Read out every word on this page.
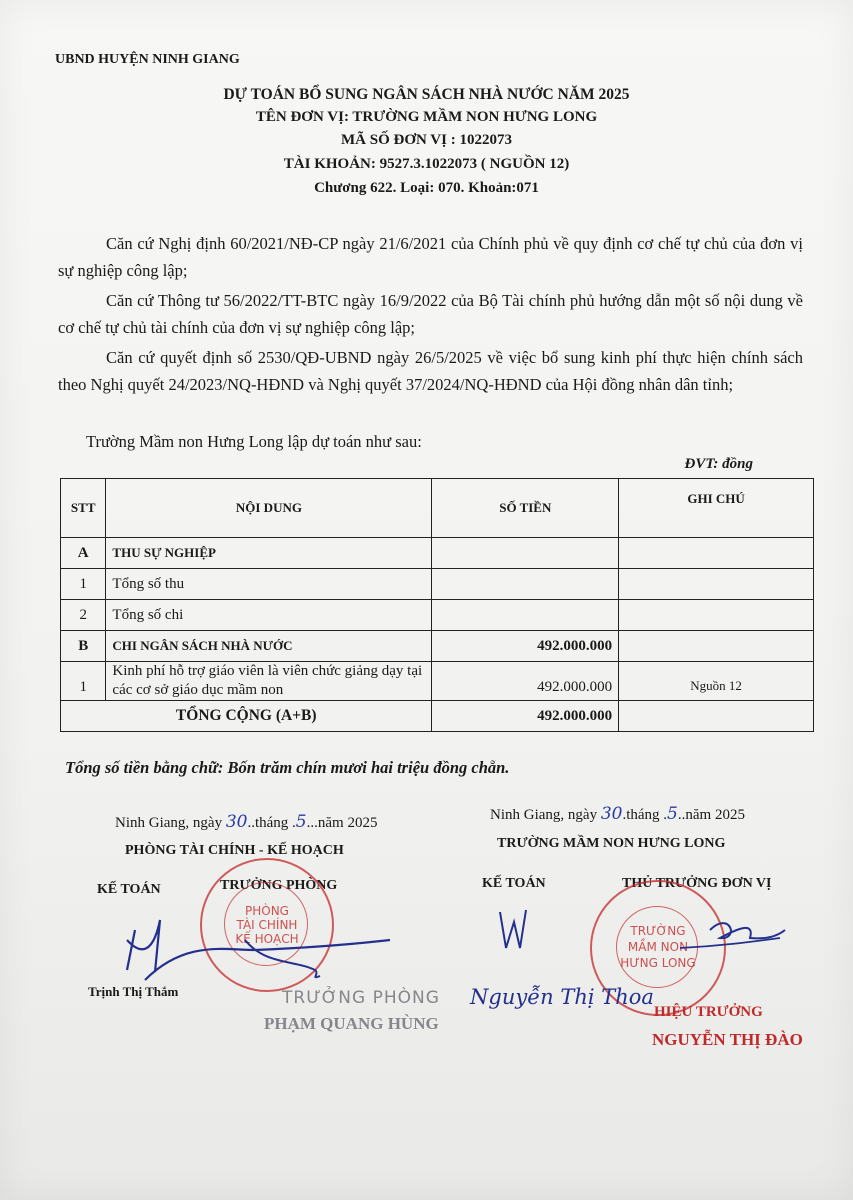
UBND HUYỆN NINH GIANG
DỰ TOÁN BỔ SUNG NGÂN SÁCH NHÀ NƯỚC NĂM 2025
TÊN ĐƠN VỊ: TRƯỜNG MẦM NON HƯNG LONG
MÃ SỐ ĐƠN VỊ : 1022073
TÀI KHOẢN: 9527.3.1022073 ( NGUỒN 12)
Chương 622. Loại: 070. Khoản:071
Căn cứ Nghị định 60/2021/NĐ-CP ngày 21/6/2021 của Chính phủ về quy định cơ chế tự chủ của đơn vị sự nghiệp công lập;
Căn cứ Thông tư 56/2022/TT-BTC ngày 16/9/2022 của Bộ Tài chính phủ hướng dẫn một số nội dung về cơ chế tự chủ tài chính của đơn vị sự nghiệp công lập;
Căn cứ quyết định số 2530/QĐ-UBND ngày 26/5/2025 về việc bổ sung kinh phí thực hiện chính sách theo Nghị quyết 24/2023/NQ-HĐND và Nghị quyết 37/2024/NQ-HĐND của Hội đồng nhân dân tỉnh;
Trường Mầm non Hưng Long lập dự toán như sau:
ĐVT: đồng
STT	NỘI DUNG	SỐ TIỀN	GHI CHÚ
A	THU SỰ NGHIỆP		
1	Tổng số thu		
2	Tổng số chi		
B	CHI NGÂN SÁCH NHÀ NƯỚC	492.000.000	
1	Kinh phí hỗ trợ giáo viên là viên chức giảng dạy tại các cơ sở giáo dục mầm non	492.000.000	Nguồn 12
TỔNG CỘNG (A+B)		492.000.000	
Tổng số tiền bằng chữ: Bốn trăm chín mươi hai triệu đồng chẵn.
Ninh Giang, ngày 30..tháng .5...năm 2025
PHÒNG TÀI CHÍNH - KẾ HOẠCH
KẾ TOÁN	TRƯỞNG PHÒNG
PHÒNG
TÀI CHÍNH
KẾ HOẠCH
Trịnh Thị Thắm	TRƯỞNG PHÒNG
PHẠM QUANG HÙNG
Ninh Giang, ngày 30.tháng .5..năm 2025
TRƯỜNG MẦM NON HƯNG LONG
KẾ TOÁN	THỦ TRƯỞNG ĐƠN VỊ
TRƯỜNG
MẦM NON
HƯNG LONG
Nguyễn Thị Thoa
HIỆU TRƯỞNG
NGUYỄN THỊ ĐÀO
